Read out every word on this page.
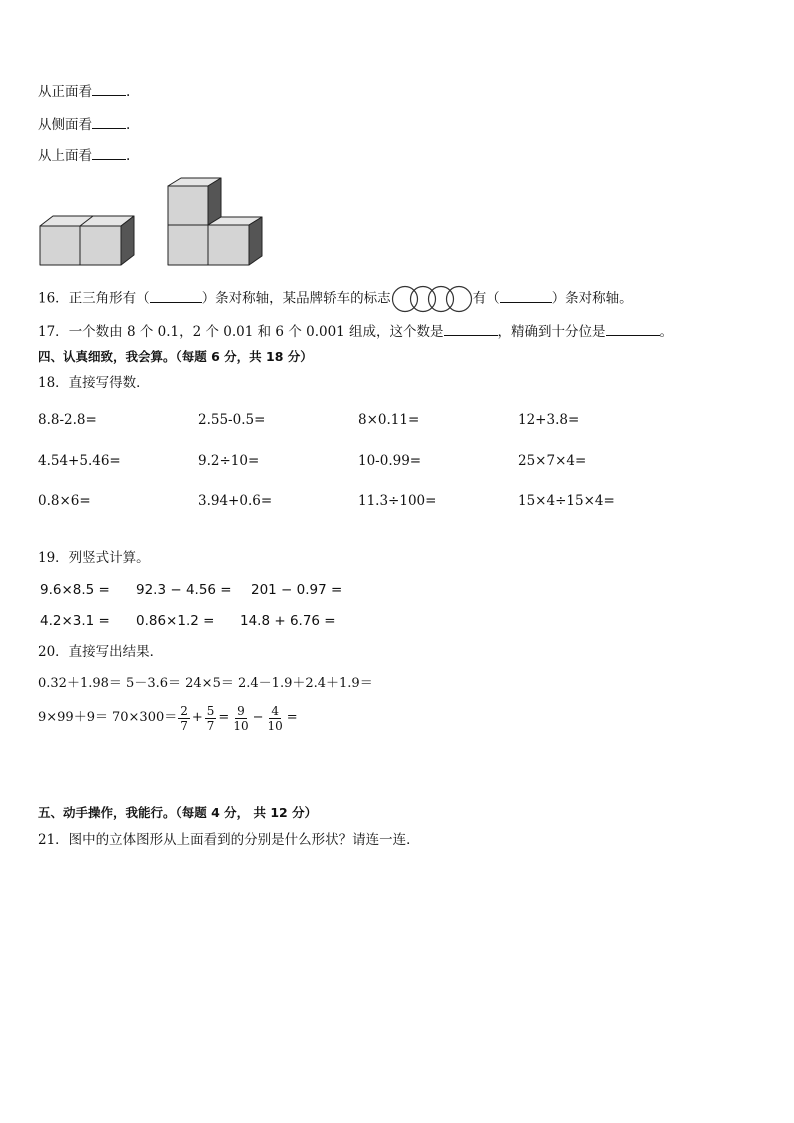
从正面看	.
从侧面看	.
从上面看	.
16．正三角形有（	）条对称轴，某品牌轿车的标志	有（	）条对称轴。
17．一个数由 8 个 0.1，2 个 0.01 和 6 个 0.001 组成，这个数是	，精确到十分位是	。
四、认真细致，我会算。（每题 6 分，共 18 分）
18．直接写得数．
8.8-2.8=	2.55-0.5=	8×0.11=	12+3.8=
4.54+5.46=	9.2÷10=	10-0.99=	25×7×4=
0.8×6=	3.94+0.6=	11.3÷100=	15×4÷15×4=
19．列竖式计算。
9.6×8.5 = 92.3 − 4.56 = 201 − 0.97 =
4.2×3.1 = 0.86×1.2 = 14.8 + 6.76 =
20．直接写出结果．
0.32＋1.98＝ 5－3.6＝ 24×5＝ 2.4－1.9＋2.4＋1.9＝
$9\times 99+9= 70\times 300= \frac{2}{7} + \frac{5}{7} = \frac{9}{10} - \frac{4}{10}$ =
五、动手操作，我能行。（每题 4 分， 共 12 分）
21．图中的立体图形从上面看到的分别是什么形状？请连一连．
